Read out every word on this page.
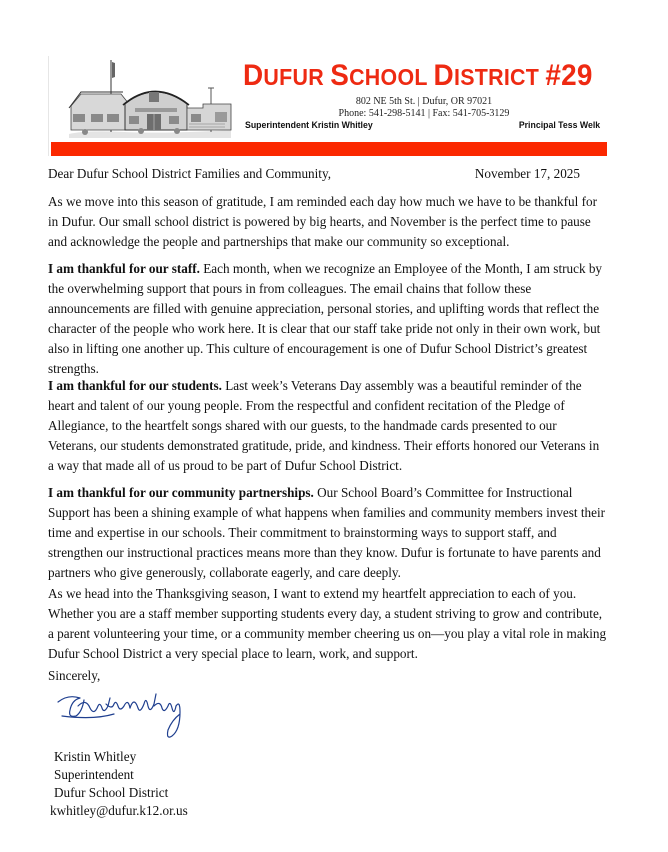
DUFUR SCHOOL DISTRICT #29
802 NE 5th St. | Dufur, OR 97021
Phone: 541-298-5141 | Fax: 541-705-3129
Superintendent Kristin Whitley	Principal Tess Welk
Dear Dufur School District Families and Community,	November 17, 2025

As we move into this season of gratitude, I am reminded each day how much we have to be thankful for in Dufur. Our small school district is powered by big hearts, and November is the perfect time to pause and acknowledge the people and partnerships that make our community so exceptional.

I am thankful for our staff. Each month, when we recognize an Employee of the Month, I am struck by the overwhelming support that pours in from colleagues. The email chains that follow these announcements are filled with genuine appreciation, personal stories, and uplifting words that reflect the character of the people who work here. It is clear that our staff take pride not only in their own work, but also in lifting one another up. This culture of encouragement is one of Dufur School District’s greatest strengths.

I am thankful for our students. Last week’s Veterans Day assembly was a beautiful reminder of the heart and talent of our young people. From the respectful and confident recitation of the Pledge of Allegiance, to the heartfelt songs shared with our guests, to the handmade cards presented to our Veterans, our students demonstrated gratitude, pride, and kindness. Their efforts honored our Veterans in a way that made all of us proud to be part of Dufur School District.

I am thankful for our community partnerships. Our School Board’s Committee for Instructional Support has been a shining example of what happens when families and community members invest their time and expertise in our schools. Their commitment to brainstorming ways to support staff, and strengthen our instructional practices means more than they know. Dufur is fortunate to have parents and partners who give generously, collaborate eagerly, and care deeply.

As we head into the Thanksgiving season, I want to extend my heartfelt appreciation to each of you. Whether you are a staff member supporting students every day, a student striving to grow and contribute, a parent volunteering your time, or a community member cheering us on—you play a vital role in making Dufur School District a very special place to learn, work, and support.

Sincerely,
Kristin Whitley
Superintendent
Dufur School District
kwhitley@dufur.k12.or.us
